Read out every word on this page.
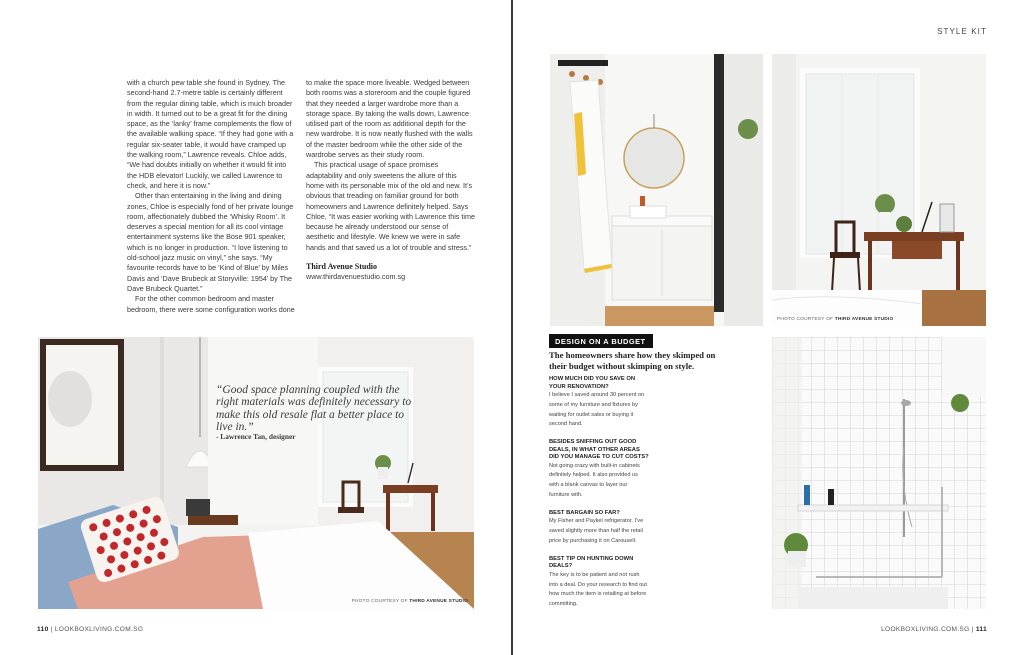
with a church pew table she found in Sydney. The second-hand 2.7-metre table is certainly different from the regular dining table, which is much broader in width. It turned out to be a great fit for the dining space, as the ‘lanky’ frame complements the flow of the available walking space. “If they had gone with a regular six-seater table, it would have cramped up the walking room,” Lawrence reveals. Chloe adds, “We had doubts initially on whether it would fit into the HDB elevator! Luckily, we called Lawrence to check, and here it is now.”

Other than entertaining in the living and dining zones, Chloe is especially fond of her private lounge room, affectionately dubbed the ‘Whisky Room’. It deserves a special mention for all its cool vintage entertainment systems like the Bose 901 speaker, which is no longer in production. “I love listening to old-school jazz music on vinyl,” she says. “My favourite records have to be ‘Kind of Blue’ by Miles Davis and ‘Dave Brubeck at Storyville: 1954’ by The Dave Brubeck Quartet.”

For the other common bedroom and master bedroom, there were some configuration works done

to make the space more liveable. Wedged between both rooms was a storeroom and the couple figured that they needed a larger wardrobe more than a storage space. By taking the walls down, Lawrence utilised part of the room as additional depth for the new wardrobe. It is now neatly flushed with the walls of the master bedroom while the other side of the wardrobe serves as their study room.

This practical usage of space promises adaptability and only sweetens the allure of this home with its personable mix of the old and new. It’s obvious that treading on familiar ground for both homeowners and Lawrence definitely helped. Says Chloe, “It was easier working with Lawrence this time because he already understood our sense of aesthetic and lifestyle. We knew we were in safe hands and that saved us a lot of trouble and stress.”

Third Avenue Studio
www.thirdavenuestudio.com.sg
“Good space planning coupled with the right materials was definitely necessary to make this old resale flat a better place to live in.”
- Lawrence Tan, designer
PHOTO COURTESY OF THIRD AVENUE STUDIO
110 | LOOKBOXLIVING.COM.SG
STYLE KIT
PHOTO COURTESY OF THIRD AVENUE STUDIO
DESIGN ON A BUDGET
The homeowners share how they skimped on their budget without skimping on style.
HOW MUCH DID YOU SAVE ON YOUR RENOVATION?
I believe I saved around 30 percent on some of my furniture and fixtures by waiting for outlet sales or buying it second hand.
BESIDES SNIFFING OUT GOOD DEALS, IN WHAT OTHER AREAS DID YOU MANAGE TO CUT COSTS?
Not going crazy with built-in cabinets definitely helped. It also provided us with a blank canvas to layer our furniture with.
BEST BARGAIN SO FAR?
My Fisher and Paykel refrigerator. I’ve saved slightly more than half the retail price by purchasing it on Carousell.
BEST TIP ON HUNTING DOWN DEALS?
The key is to be patient and not rush into a deal. Do your research to find out how much the item is retailing at before committing.
LOOKBOXLIVING.COM.SG | 111
